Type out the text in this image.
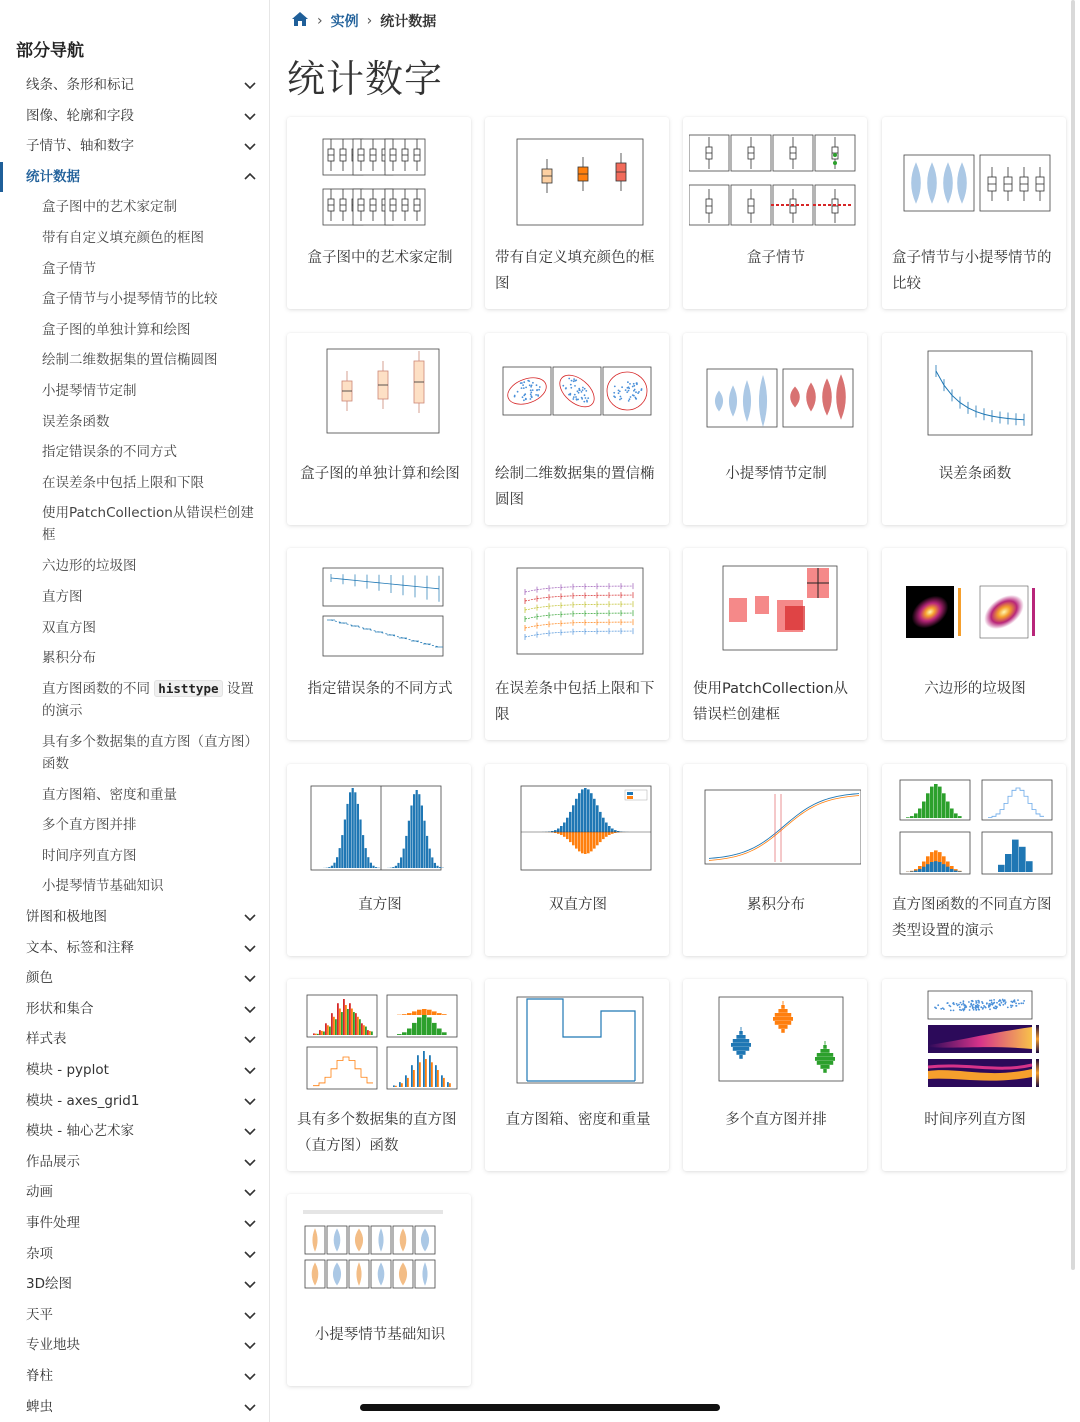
部分导航
线条、条形和标记
图像、轮廓和字段
子情节、轴和数字
统计数据
盒子图中的艺术家定制
带有自定义填充颜色的框图
盒子情节
盒子情节与小提琴情节的比较
盒子图的单独计算和绘图
绘制二维数据集的置信椭圆图
小提琴情节定制
误差条函数
指定错误条的不同方式
在误差条中包括上限和下限
使用PatchCollection从错误栏创建框
六边形的垃圾图
直方图
双直方图
累积分布
直方图函数的不同 histtype 设置的演示
具有多个数据集的直方图（直方图）函数
直方图箱、密度和重量
多个直方图并排
时间序列直方图
小提琴情节基础知识
饼图和极地图
文本、标签和注释
颜色
形状和集合
样式表
模块 - pyplot
模块 - axes_grid1
模块 - 轴心艺术家
作品展示
动画
事件处理
杂项
3D绘图
天平
专业地块
脊柱
蜱虫
› 实例 › 统计数据
统计数字
盒子图中的艺术家定制	带有自定义填充颜色的框图
盒子情节	盒子情节与小提琴情节的比较
盒子图的单独计算和绘图 绘制二维数据集的置信椭圆图
小提琴情节定制	误差条函数
指定错误条的不同方式	在误差条中包括上限和下限
使用PatchCollection从错误栏创建框
六边形的垃圾图
直方图	双直方图	累积分布	直方图函数的不同直方图类型设置的演示
具有多个数据集的直方图（直方图）函数
直方图箱、密度和重量	多个直方图并排	时间序列直方图
小提琴情节基础知识
